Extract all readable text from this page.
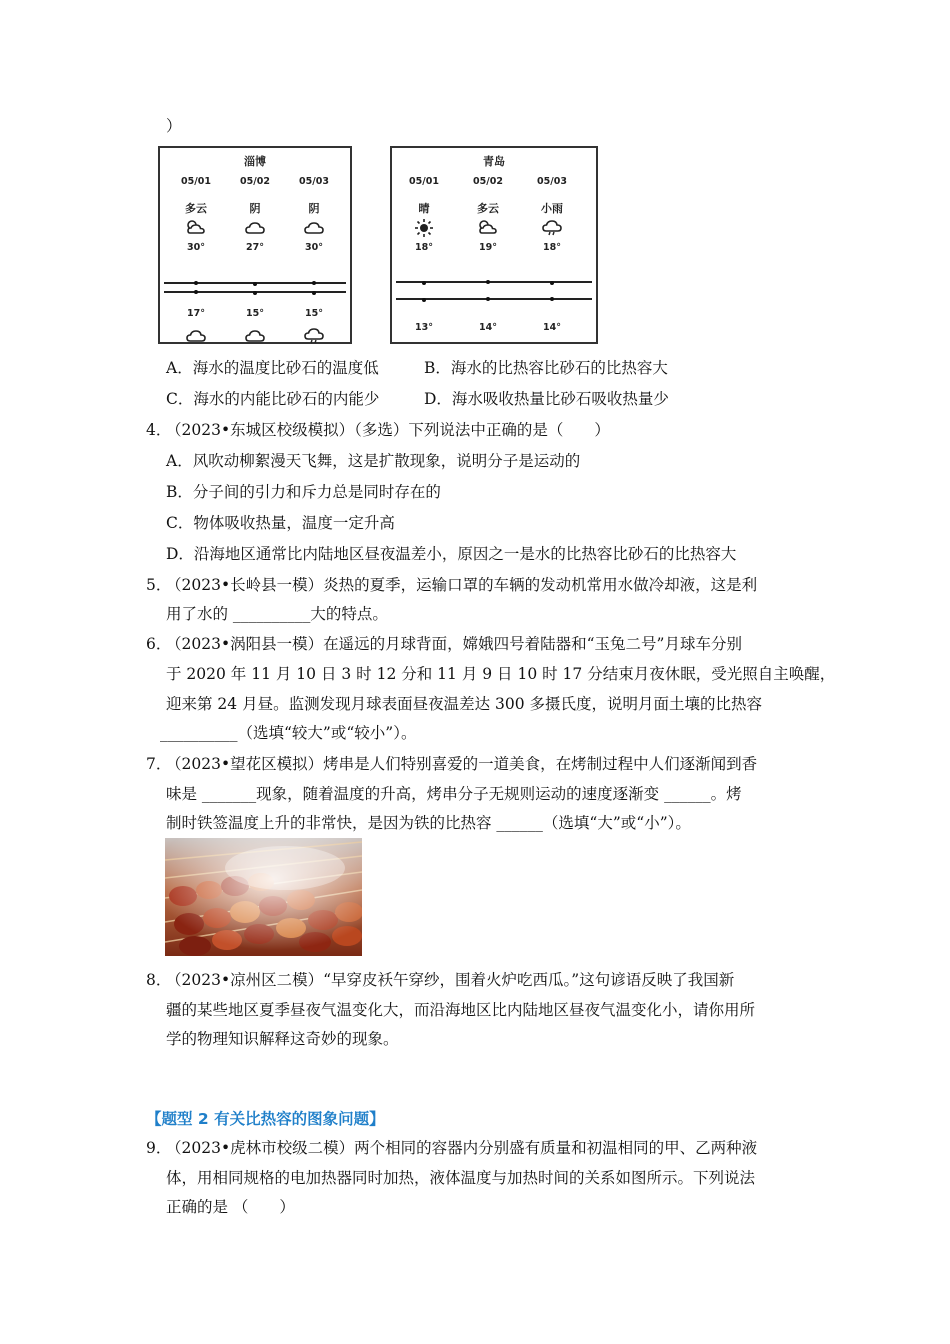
）
淄博
05/01	05/02	05/03
多云	阴	阴
30°	27°	30°
17°	15°	15°
青岛
05/01	05/02	05/03
晴	多云	小雨
18°	19°	18°
13°	14°	14°
A．海水的温度比砂石的温度低	B．海水的比热容比砂石的比热容大
C．海水的内能比砂石的内能少	D．海水吸收热量比砂石吸收热量少
4．
（2023•东城区校级模拟）（多选）下列说法中正确的是（　　）
A．风吹动柳絮漫天飞舞，这是扩散现象，说明分子是运动的
B．分子间的引力和斥力总是同时存在的
C．物体吸收热量，温度一定升高
D．沿海地区通常比内陆地区昼夜温差小，原因之一是水的比热容比砂石的比热容大
5．
（2023•长岭县一模）炎热的夏季，运输口罩的车辆的发动机常用水做冷却液，这是利
用了水的 __________大的特点。
6．
（2023•涡阳县一模）在遥远的月球背面，嫦娥四号着陆器和“玉兔二号”月球车分别
于 2020 年 11 月 10 日 3 时 12 分和 11 月 9 日 10 时 17 分结束月夜休眠，受光照自主唤醒，
迎来第 24 月昼。监测发现月球表面昼夜温差达 300 多摄氏度，说明月面土壤的比热容
__________（选填“较大”或“较小”）。
7．
（2023•望花区模拟）烤串是人们特别喜爱的一道美食，在烤制过程中人们逐渐闻到香
味是 _______现象，随着温度的升高，烤串分子无规则运动的速度逐渐变 ______。烤
制时铁签温度上升的非常快，是因为铁的比热容 ______（选填“大”或“小”）。
8．
（2023•凉州区二模）“早穿皮袄午穿纱，围着火炉吃西瓜。”这句谚语反映了我国新
疆的某些地区夏季昼夜气温变化大，而沿海地区比内陆地区昼夜气温变化小，请你用所
学的物理知识解释这奇妙的现象。
【题型 2 有关比热容的图象问题】
9．
（2023•虎林市校级二模）两个相同的容器内分别盛有质量和初温相同的甲、乙两种液
体，用相同规格的电加热器同时加热，液体温度与加热时间的关系如图所示。下列说法
正确的是 （　　）
